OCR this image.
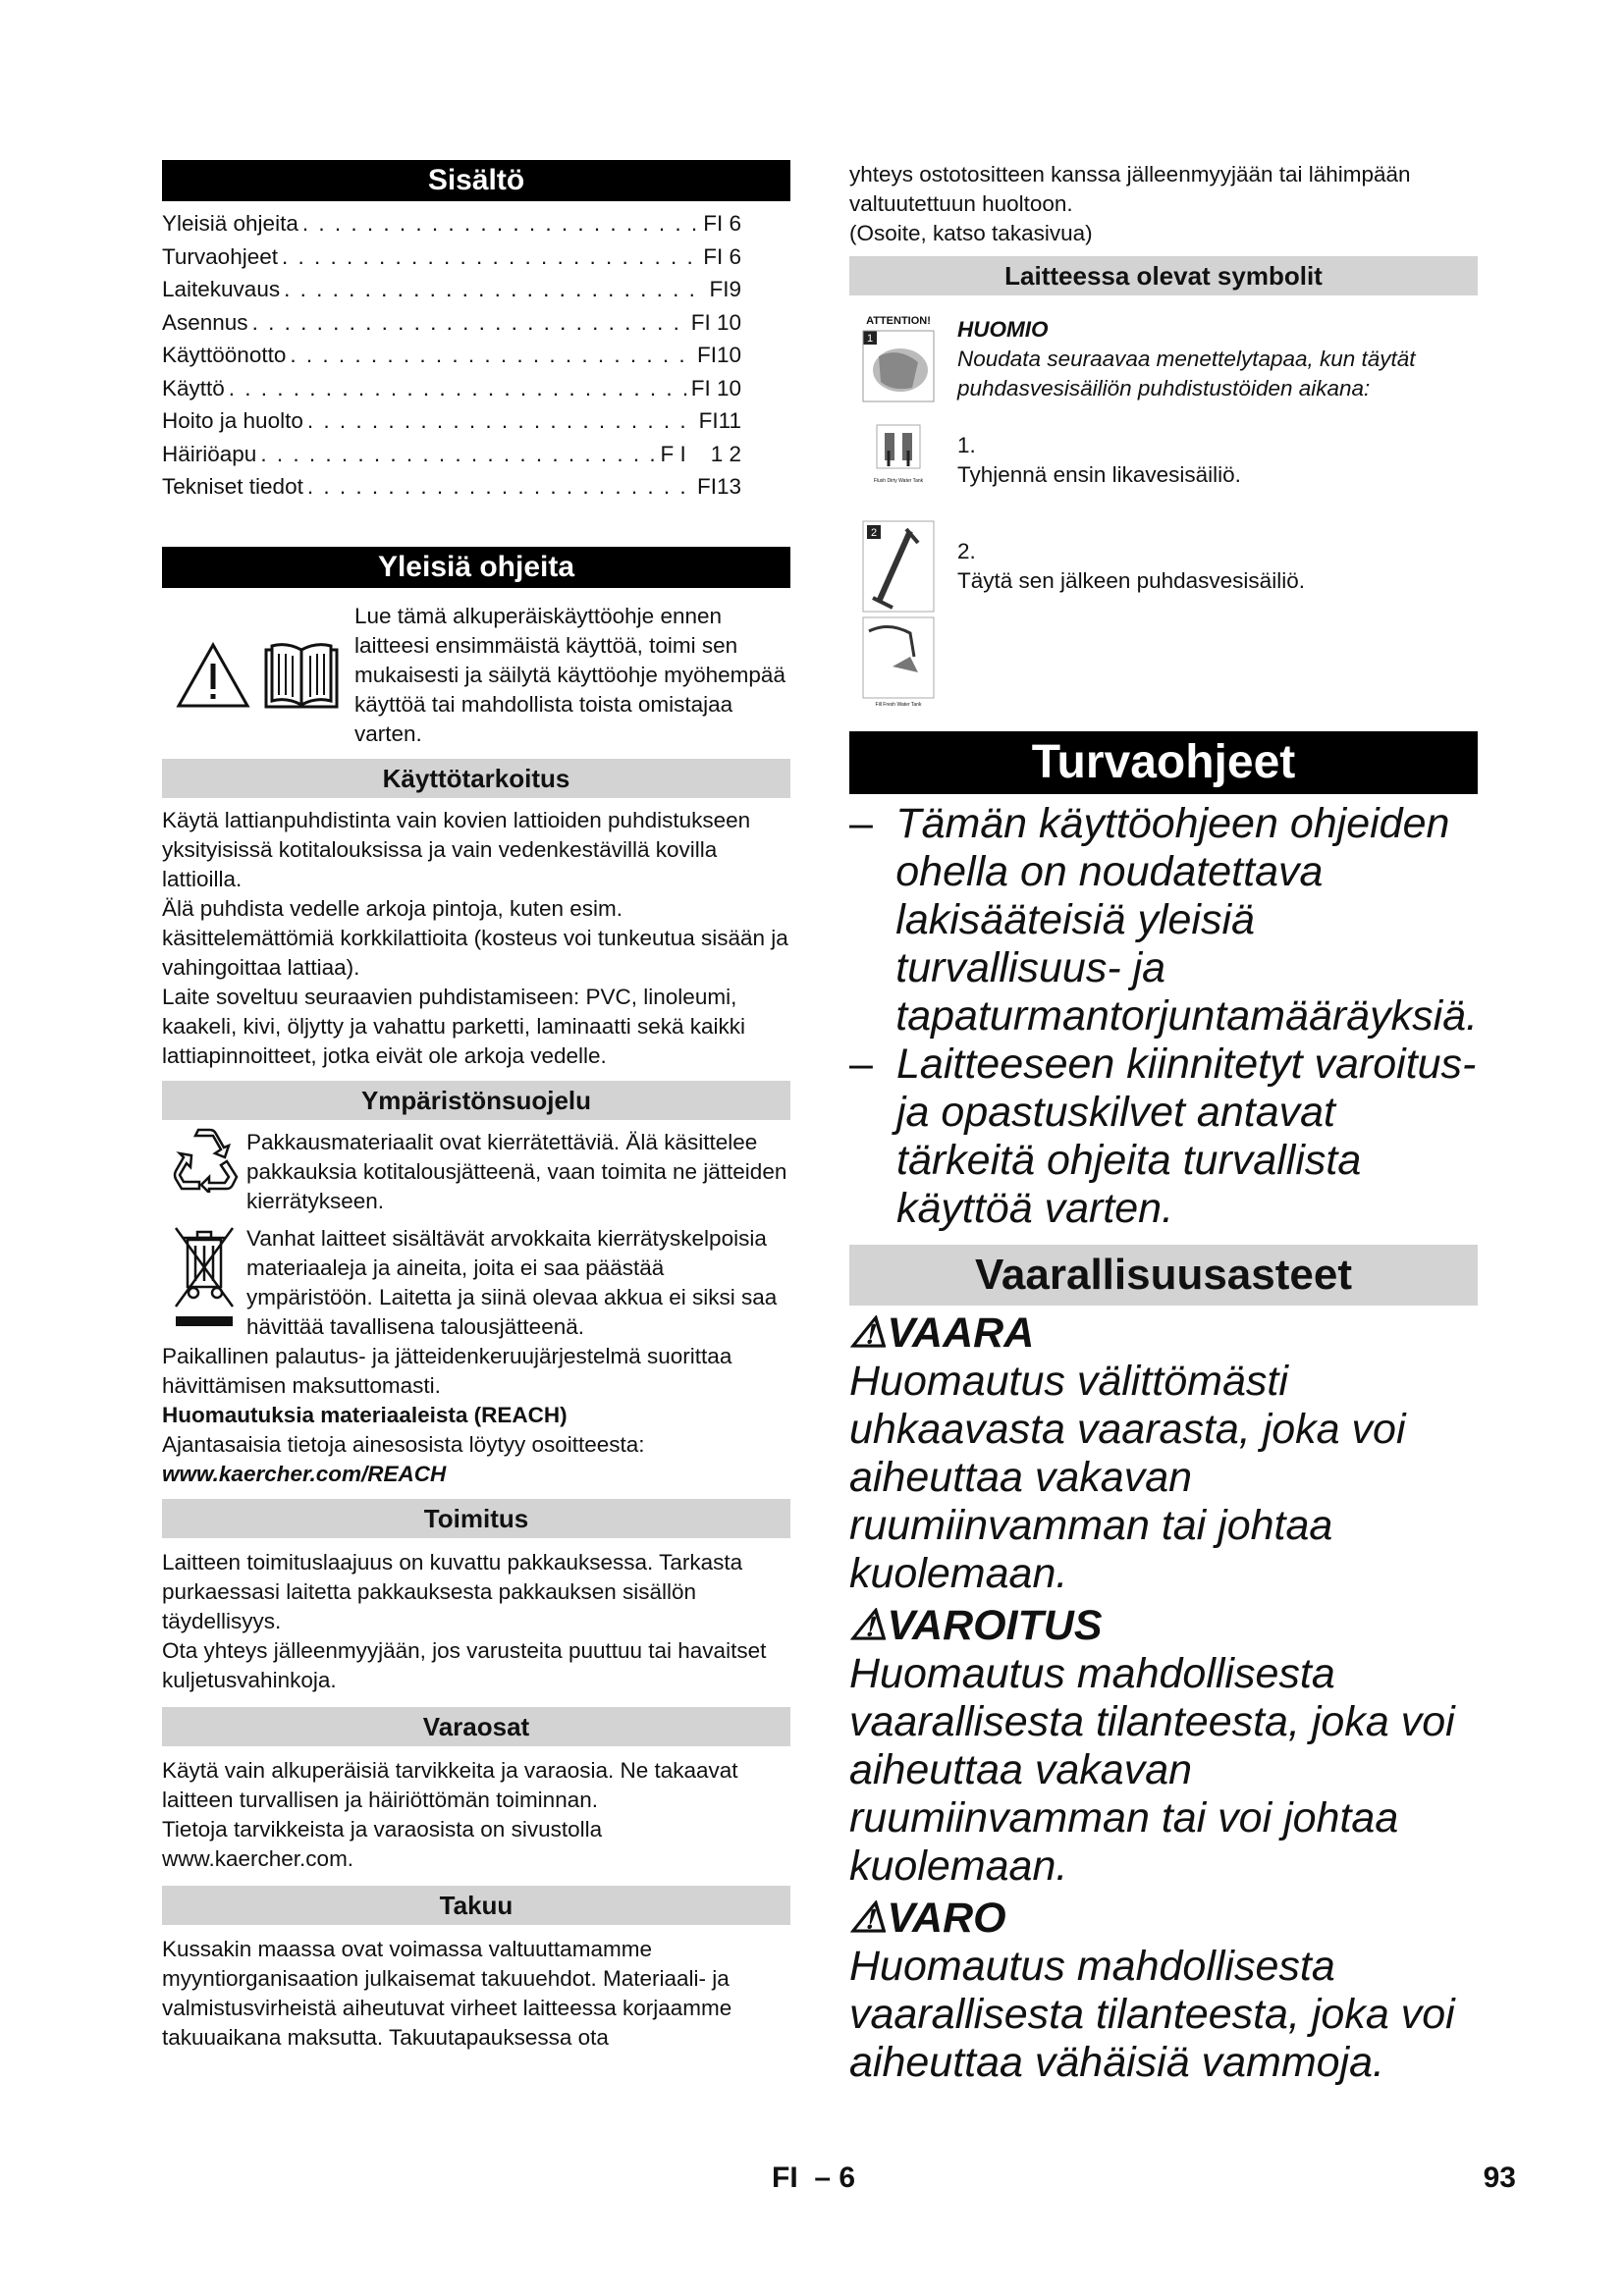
Sisältö
Yleisiä ohjeita . . .	FI 6
Turvaohjeet . . .	FI 6
Laitekuvaus . . .	FI9
Asennus . . .	FI 10
Käyttöönotto . . .	FI10
Käyttö . . .	FI 10
Hoito ja huolto . . .	FI11
Häiriöapu . . .	F I    1 2
Tekniset tiedot . . .	FI13
Yleisiä ohjeita

Lue tämä alkuperäiskäyttöohje ennen laitteesi ensimmäistä käyttöä, toimi sen mukaisesti ja säilytä käyttöohje myöhempää käyttöä tai mahdollista toista omistajaa varten.

Käyttötarkoitus

Käytä lattianpuhdistinta vain kovien lattioiden puhdistukseen yksityisissä kotitalouksissa ja vain vedenkestävillä kovilla lattioilla.

Älä puhdista vedelle arkoja pintoja, kuten esim. käsittelemättömiä korkkilattioita (kosteus voi tunkeutua sisään ja vahingoittaa lattiaa).

Laite soveltuu seuraavien puhdistamiseen: PVC, linoleumi, kaakeli, kivi, öljytty ja vahattu parketti, laminaatti sekä kaikki lattiapinnoitteet, jotka eivät ole arkoja vedelle.

Ympäristönsuojelu

Pakkausmateriaalit ovat kierrätettäviä. Älä käsittelee pakkauksia kotitalousjätteenä, vaan toimita ne jätteiden kierrätykseen.

Vanhat laitteet sisältävät arvokkaita kierrätyskelpoisia materiaaleja ja aineita, joita ei saa päästää ympäristöön. Laitetta ja siinä olevaa akkua ei siksi saa hävittää tavallisena talousjätteenä.

Paikallinen palautus- ja jätteidenkeruujärjestelmä suorittaa hävittämisen maksuttomasti.

Huomautuksia materiaaleista (REACH)

Ajantasaisia tietoja ainesosista löytyy osoitteesta:

www.kaercher.com/REACH

Toimitus

Laitteen toimituslaajuus on kuvattu pakkauksessa. Tarkasta purkaessasi laitetta pakkauksesta pakkauksen sisällön täydellisyys.

Ota yhteys jälleenmyyjään, jos varusteita puuttuu tai havaitset kuljetusvahinkoja.

Varaosat

Käytä vain alkuperäisiä tarvikkeita ja varaosia. Ne takaavat laitteen turvallisen ja häiriöttömän toiminnan.

Tietoja tarvikkeista ja varaosista on sivustolla www.kaercher.com.

Takuu

Kussakin maassa ovat voimassa valtuuttamamme myyntiorganisaation julkaisemat takuuehdot. Materiaali- ja valmistusvirheistä aiheutuvat virheet laitteessa korjaamme takuuaikana maksutta. Takuutapauksessa ota

yhteys ostotositteen kanssa jälleenmyyjään tai lähimpään valtuutettuun huoltoon.

(Osoite, katso takasivua)

Laitteessa olevat symbolit
ATTENTION!
1
Flush Dirty Water Tank

HUOMIO

Noudata seuraavaa menettelytapaa, kun täytät puhdasvesisäiliön puhdistustöiden aikana:

1.

Tyhjennä ensin likavesisäiliö.

2
Fill Fresh Water Tank

2.

Täytä sen jälkeen puhdasvesisäiliö.

Turvaohjeet
– Tämän käyttöohjeen ohjeiden ohella on noudatettava lakisääteisiä yleisiä turvallisuus- ja tapaturmantorjuntamääräyksiä.
– Laitteeseen kiinnitetyt varoitus- ja opastuskilvet antavat tärkeitä ohjeita turvallista käyttöä varten.
Vaarallisuusasteet
⚠VAARA
Huomautus välittömästi uhkaavasta vaarasta, joka voi aiheuttaa vakavan ruumiinvamman tai johtaa kuolemaan.
⚠VAROITUS
Huomautus mahdollisesta vaarallisesta tilanteesta, joka voi aiheuttaa vakavan ruumiinvamman tai voi johtaa kuolemaan.
⚠VARO
Huomautus mahdollisesta vaarallisesta tilanteesta, joka voi aiheuttaa vähäisiä vammoja.
FI  – 6	93
